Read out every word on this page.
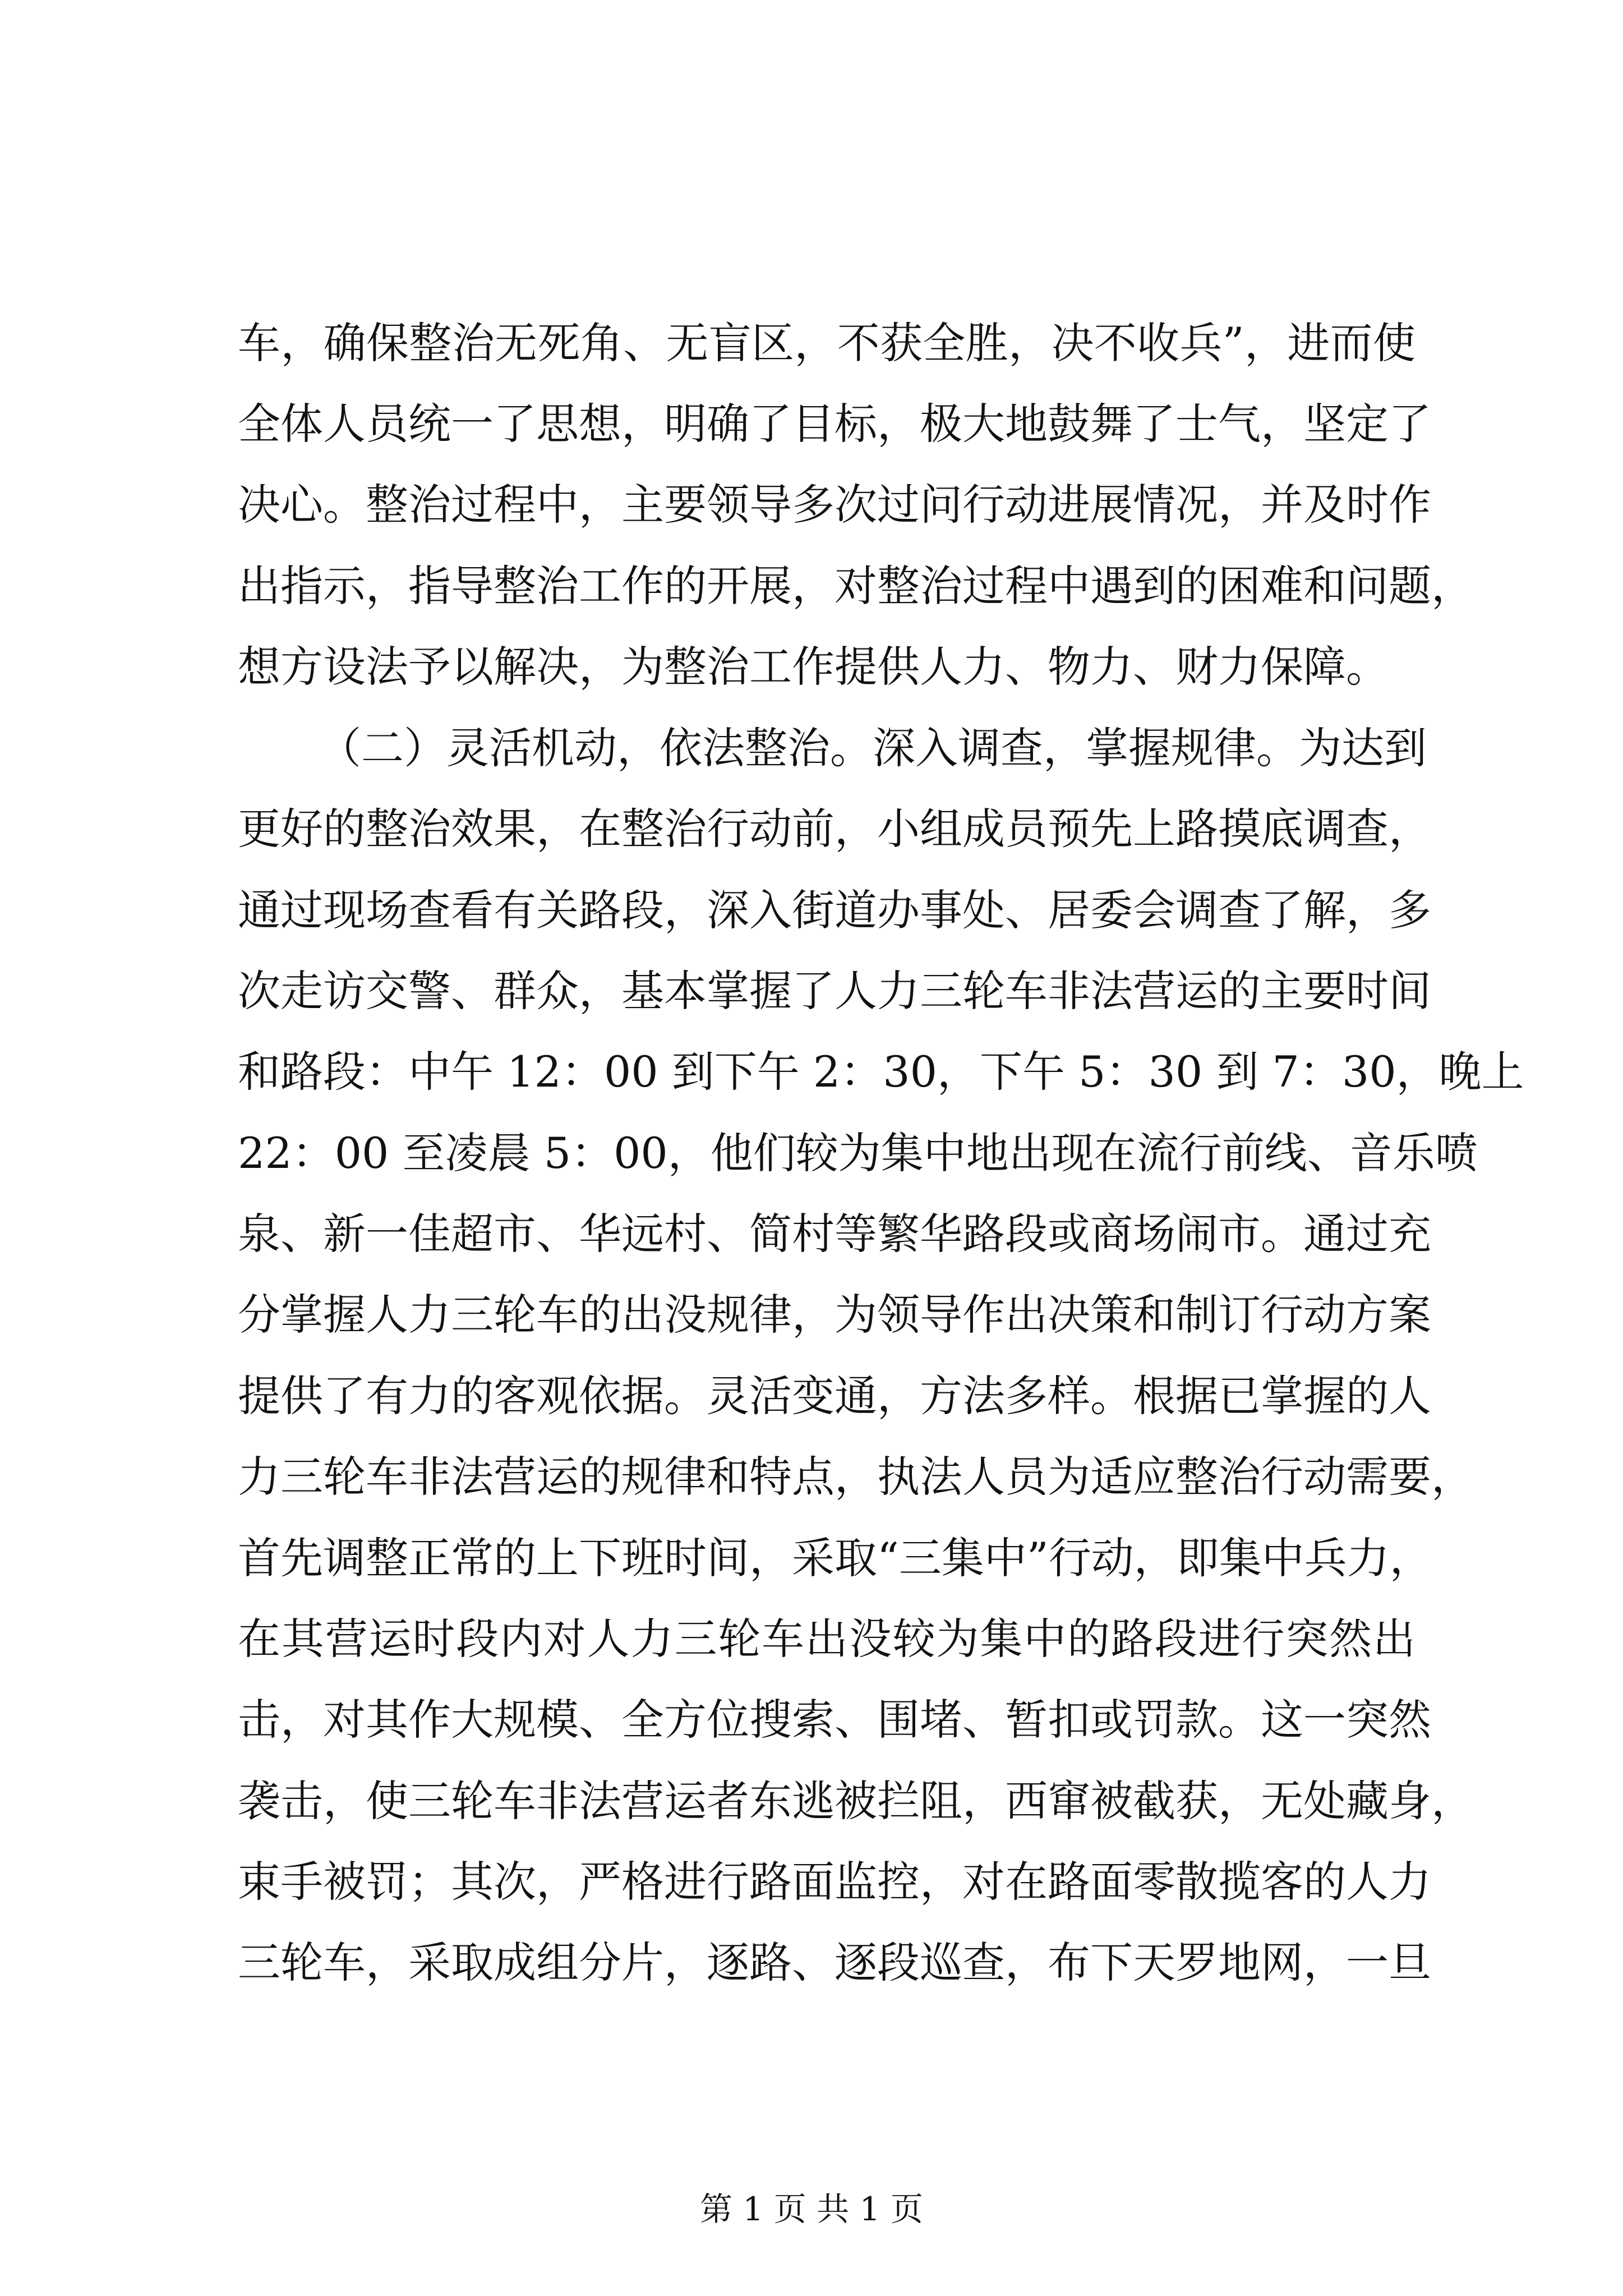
车，确保整治无死角、无盲区，不获全胜，决不收兵”，进而使
全体人员统一了思想，明确了目标，极大地鼓舞了士气，坚定了
决心。整治过程中，主要领导多次过问行动进展情况，并及时作
出指示，指导整治工作的开展，对整治过程中遇到的困难和问题，
想方设法予以解决，为整治工作提供人力、物力、财力保障。
（二）灵活机动，依法整治。深入调查，掌握规律。为达到
更好的整治效果，在整治行动前，小组成员预先上路摸底调查，
通过现场查看有关路段，深入街道办事处、居委会调查了解，多
次走访交警、群众，基本掌握了人力三轮车非法营运的主要时间
和路段：中午 12：00 到下午 2：30，下午 5：30 到 7：30，晚上
22：00 至凌晨 5：00，他们较为集中地出现在流行前线、音乐喷
泉、新一佳超市、华远村、简村等繁华路段或商场闹市。通过充
分掌握人力三轮车的出没规律，为领导作出决策和制订行动方案
提供了有力的客观依据。灵活变通，方法多样。根据已掌握的人
力三轮车非法营运的规律和特点，执法人员为适应整治行动需要，
首先调整正常的上下班时间，采取“三集中”行动，即集中兵力，
在其营运时段内对人力三轮车出没较为集中的路段进行突然出
击，对其作大规模、全方位搜索、围堵、暂扣或罚款。这一突然
袭击，使三轮车非法营运者东逃被拦阻，西窜被截获，无处藏身，
束手被罚；其次，严格进行路面监控，对在路面零散揽客的人力
三轮车，采取成组分片，逐路、逐段巡查，布下天罗地网，一旦
第 1 页 共 1 页
